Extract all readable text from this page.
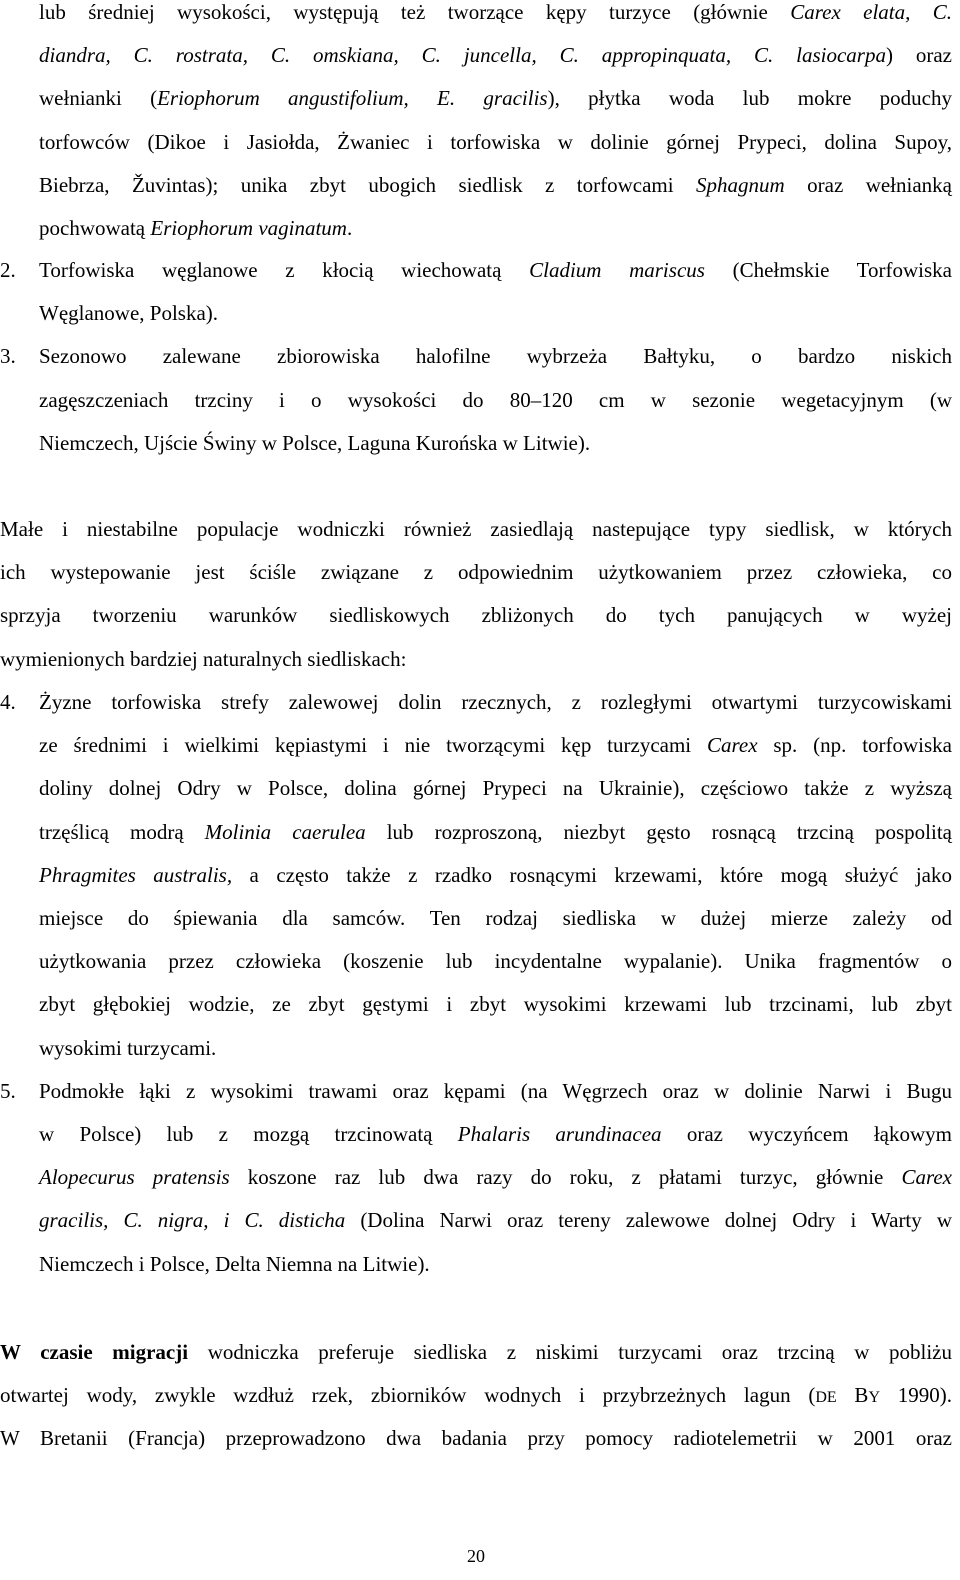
lub średniej wysokości, występują też tworzące kępy turzyce (głównie Carex elata, C.
diandra, C. rostrata, C. omskiana, C. juncella, C. appropinquata, C. lasiocarpa) oraz
wełnianki (Eriophorum angustifolium, E. gracilis), płytka woda lub mokre poduchy
torfowców (Dikoe i Jasiołda, Żwaniec i torfowiska w dolinie górnej Prypeci, dolina Supoy,
Biebrza, Žuvintas); unika zbyt ubogich siedlisk z torfowcami Sphagnum oraz wełnianką
pochwowatą Eriophorum vaginatum.
2.	Torfowiska węglanowe z kłocią wiechowatą Cladium mariscus (Chełmskie Torfowiska
Węglanowe, Polska).
3.	Sezonowo zalewane zbiorowiska halofilne wybrzeża Bałtyku, o bardzo niskich
zagęszczeniach trzciny i o wysokości do 80–120 cm w sezonie wegetacyjnym (w
Niemczech, Ujście Świny w Polsce, Laguna Kurońska w Litwie).
Małe i niestabilne populacje wodniczki również zasiedlają nastepujące typy siedlisk, w których
ich wystepowanie jest ściśle związane z odpowiednim użytkowaniem przez człowieka, co
sprzyja tworzeniu warunków siedliskowych zbliżonych do tych panujących w wyżej
wymienionych bardziej naturalnych siedliskach:
4.	Żyzne torfowiska strefy zalewowej dolin rzecznych, z rozległymi otwartymi turzycowiskami
ze średnimi i wielkimi kępiastymi i nie tworzącymi kęp turzycami Carex sp. (np. torfowiska
doliny dolnej Odry w Polsce, dolina górnej Prypeci na Ukrainie), częściowo także z wyższą
trzęślicą modrą Molinia caerulea lub rozproszoną, niezbyt gęsto rosnącą trzciną pospolitą
Phragmites australis, a często także z rzadko rosnącymi krzewami, które mogą służyć jako
miejsce do śpiewania dla samców. Ten rodzaj siedliska w dużej mierze zależy od
użytkowania przez człowieka (koszenie lub incydentalne wypalanie). Unika fragmentów o
zbyt głębokiej wodzie, ze zbyt gęstymi i zbyt wysokimi krzewami lub trzcinami, lub zbyt
wysokimi turzycami.
5.	Podmokłe łąki z wysokimi trawami oraz kępami (na Węgrzech oraz w dolinie Narwi i Bugu
w Polsce) lub z mozgą trzcinowatą Phalaris arundinacea oraz wyczyńcem łąkowym
Alopecurus pratensis koszone raz lub dwa razy do roku, z płatami turzyc, głównie Carex
gracilis, C. nigra, i C. disticha (Dolina Narwi oraz tereny zalewowe dolnej Odry i Warty w
Niemczech i Polsce, Delta Niemna na Litwie).
W czasie migracji wodniczka preferuje siedliska z niskimi turzycami oraz trzciną w pobliżu
otwartej wody, zwykle wzdłuż rzek, zbiorników wodnych i przybrzeżnych lagun (DE BY 1990).
W Bretanii (Francja) przeprowadzono dwa badania przy pomocy radiotelemetrii w 2001 oraz
20
